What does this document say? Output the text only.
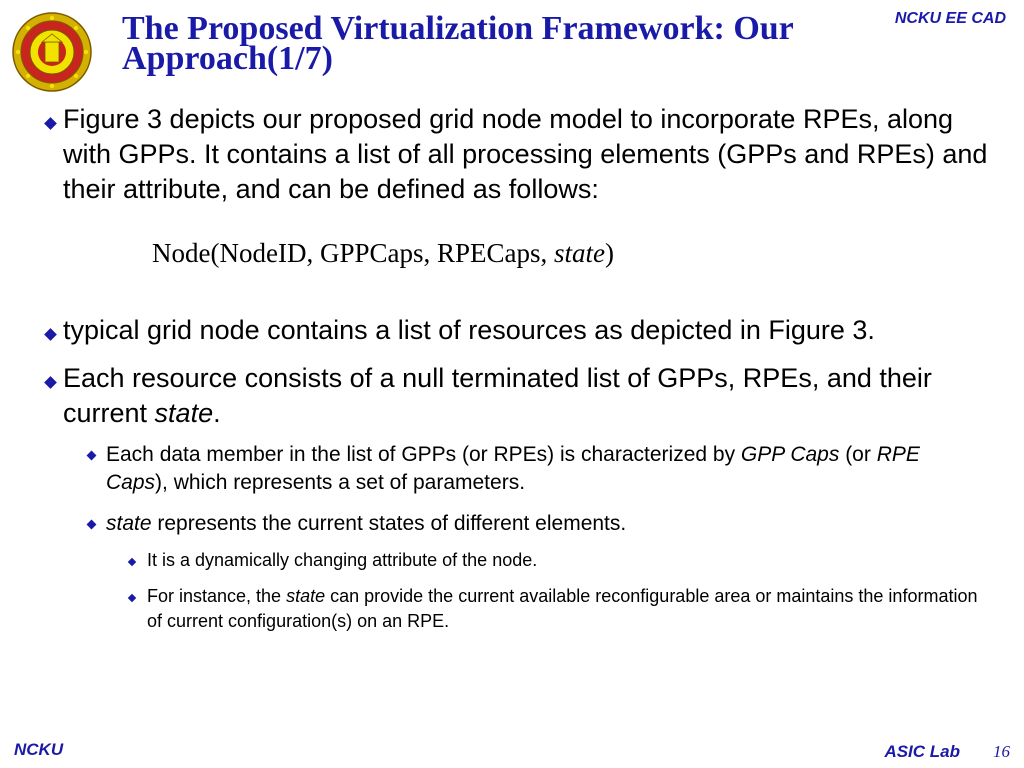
NCKU EE CAD
The Proposed Virtualization Framework: Our Approach(1/7)

Figure 3 depicts our proposed grid node model to incorporate RPEs, along with GPPs. It contains a list of all processing elements (GPPs and RPEs) and their attribute, and can be defined as follows:

Node(NodeID, GPPCaps, RPECaps, state)

typical grid node contains a list of resources as depicted in Figure 3.

Each resource consists of a null terminated list of GPPs, RPEs, and their current state.

Each data member in the list of GPPs (or RPEs) is characterized by GPP Caps (or RPE Caps), which represents a set of parameters.

state represents the current states of different elements.

It is a dynamically changing attribute of the node.

For instance, the state can provide the current available reconfigurable area or maintains the information of current configuration(s) on an RPE.

NCKU	ASIC Lab 16
